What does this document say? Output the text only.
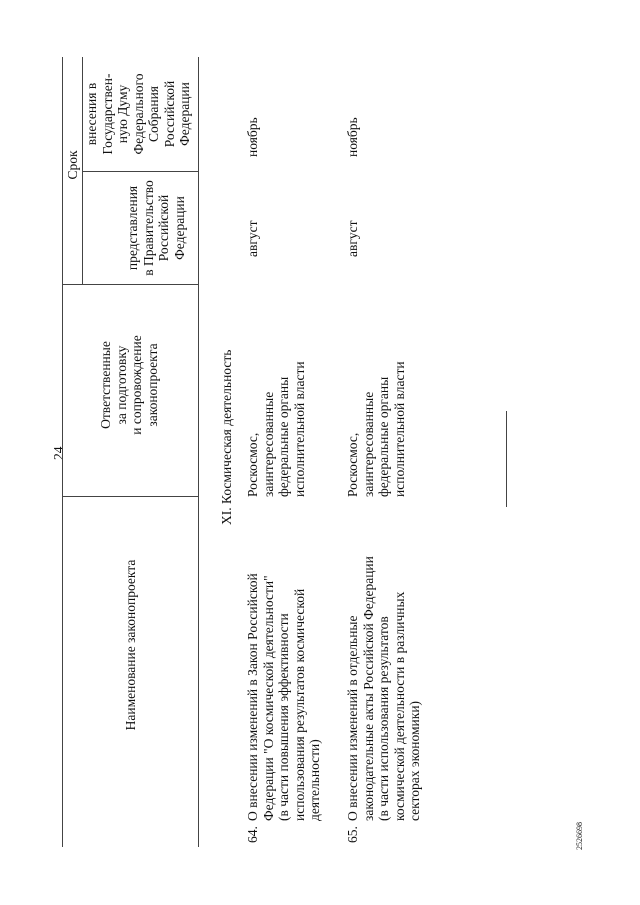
24
Наименование законопроекта
Ответственные за подготовку и сопровождение законопроекта
Срок
представления в Правительство Российской Федерации
внесения в Государствен- ную Думу Федерального Собрания Российской Федерации
XI. Космическая деятельность
64.
О внесении изменений в Закон Российской Федерации "О космической деятельности" (в части повышения эффективности использования результатов космической деятельности)
Роскосмос, заинтересованные федеральные органы исполнительной власти
август
ноябрь
65.
О внесении изменений в отдельные законодательные акты Российской Федерации (в части использования результатов космической деятельности в различных секторах экономики)
Роскосмос, заинтересованные федеральные органы исполнительной власти
август
ноябрь
2526698
